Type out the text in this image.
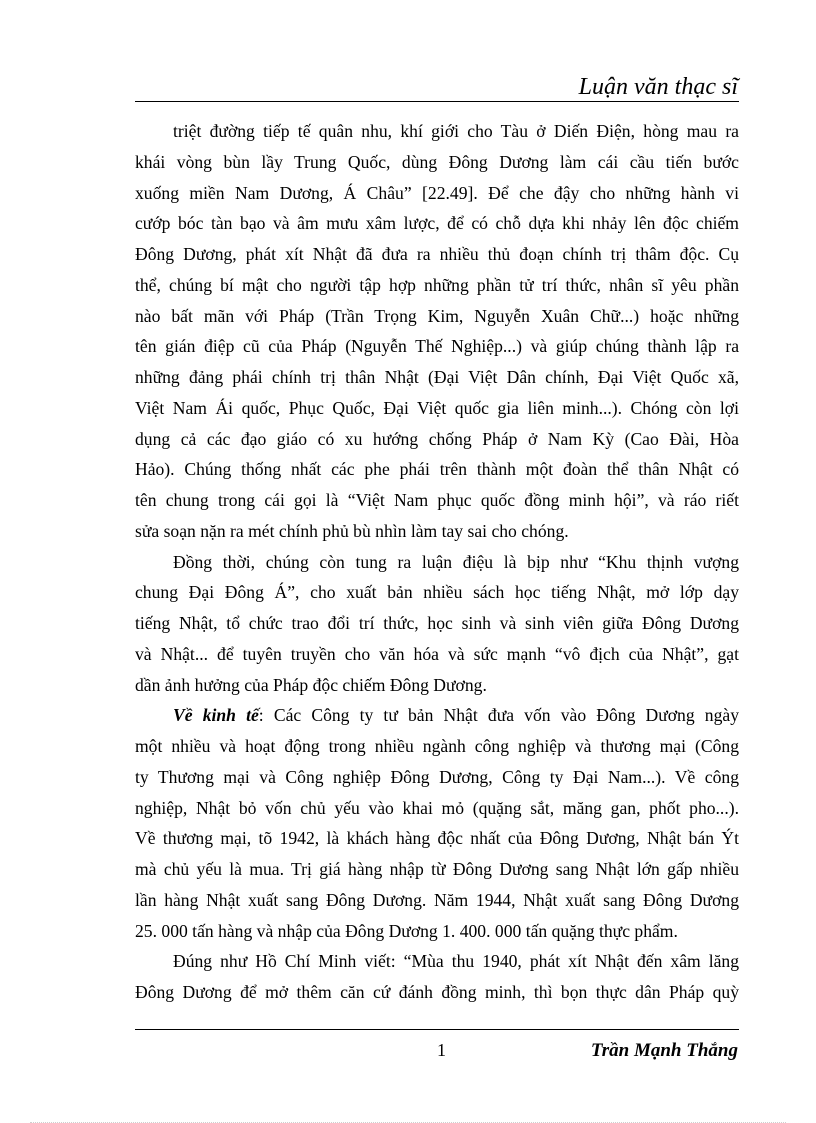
Luận văn thạc sĩ

triệt đường tiếp tế quân nhu, khí giới cho Tàu ở Diến Điện, hòng mau ra

khái vòng bùn lầy Trung Quốc, dùng Đông Dương làm cái cầu tiến bước

xuống miền Nam Dương, Á Châu” [22.49]. Để che đậy cho những hành vi

cướp bóc tàn bạo và âm mưu xâm lược, để có chỗ dựa khi nhảy lên độc chiếm

Đông Dương, phát xít Nhật đã đưa ra nhiều thủ đoạn chính trị thâm độc. Cụ

thể, chúng bí mật cho người tập hợp những phần tử trí thức, nhân sĩ yêu phần

nào bất mãn với Pháp (Trần Trọng Kim, Nguyễn Xuân Chữ...) hoặc những

tên gián điệp cũ của Pháp (Nguyễn Thế Nghiệp...) và giúp chúng thành lập ra

những đảng phái chính trị thân Nhật (Đại Việt Dân chính, Đại Việt Quốc xã,

Việt Nam Ái quốc, Phục Quốc, Đại Việt quốc gia liên minh...). Chóng còn lợi

dụng cả các đạo giáo có xu hướng chống Pháp ở Nam Kỳ (Cao Đài, Hòa

Hảo). Chúng thống nhất các phe phái trên thành một đoàn thể thân Nhật có

tên chung trong cái gọi là “Việt Nam phục quốc đồng minh hội”, và ráo riết

sửa soạn nặn ra mét chính phủ bù nhìn làm tay sai cho chóng.

Đồng thời, chúng còn tung ra luận điệu là bịp như “Khu thịnh vượng

chung Đại Đông Á”, cho xuất bản nhiều sách học tiếng Nhật, mở lớp dạy

tiếng Nhật, tổ chức trao đổi trí thức, học sinh và sinh viên giữa Đông Dương

và Nhật... để tuyên truyền cho văn hóa và sức mạnh “vô địch của Nhật”, gạt

dần ảnh hưởng của Pháp độc chiếm Đông Dương.

Về kinh tế: Các Công ty tư bản Nhật đưa vốn vào Đông Dương ngày

một nhiều và hoạt động trong nhiều ngành công nghiệp và thương mại (Công

ty Thương mại và Công nghiệp Đông Dương, Công ty Đại Nam...). Về công

nghiệp, Nhật bỏ vốn chủ yếu vào khai mỏ (quặng sắt, măng gan, phốt pho...).

Về thương mại, tõ 1942, là khách hàng độc nhất của Đông Dương, Nhật bán Ýt

mà chủ yếu là mua. Trị giá hàng nhập từ Đông Dương sang Nhật lớn gấp nhiều

lần hàng Nhật xuất sang Đông Dương. Năm 1944, Nhật xuất sang Đông Dương

25. 000 tấn hàng và nhập của Đông Dương 1. 400. 000 tấn quặng thực phẩm.

Đúng như Hồ Chí Minh viết: “Mùa thu 1940, phát xít Nhật đến xâm lăng

Đông Dương để mở thêm căn cứ đánh đồng minh, thì bọn thực dân Pháp quỳ

1	Trần Mạnh Thắng
